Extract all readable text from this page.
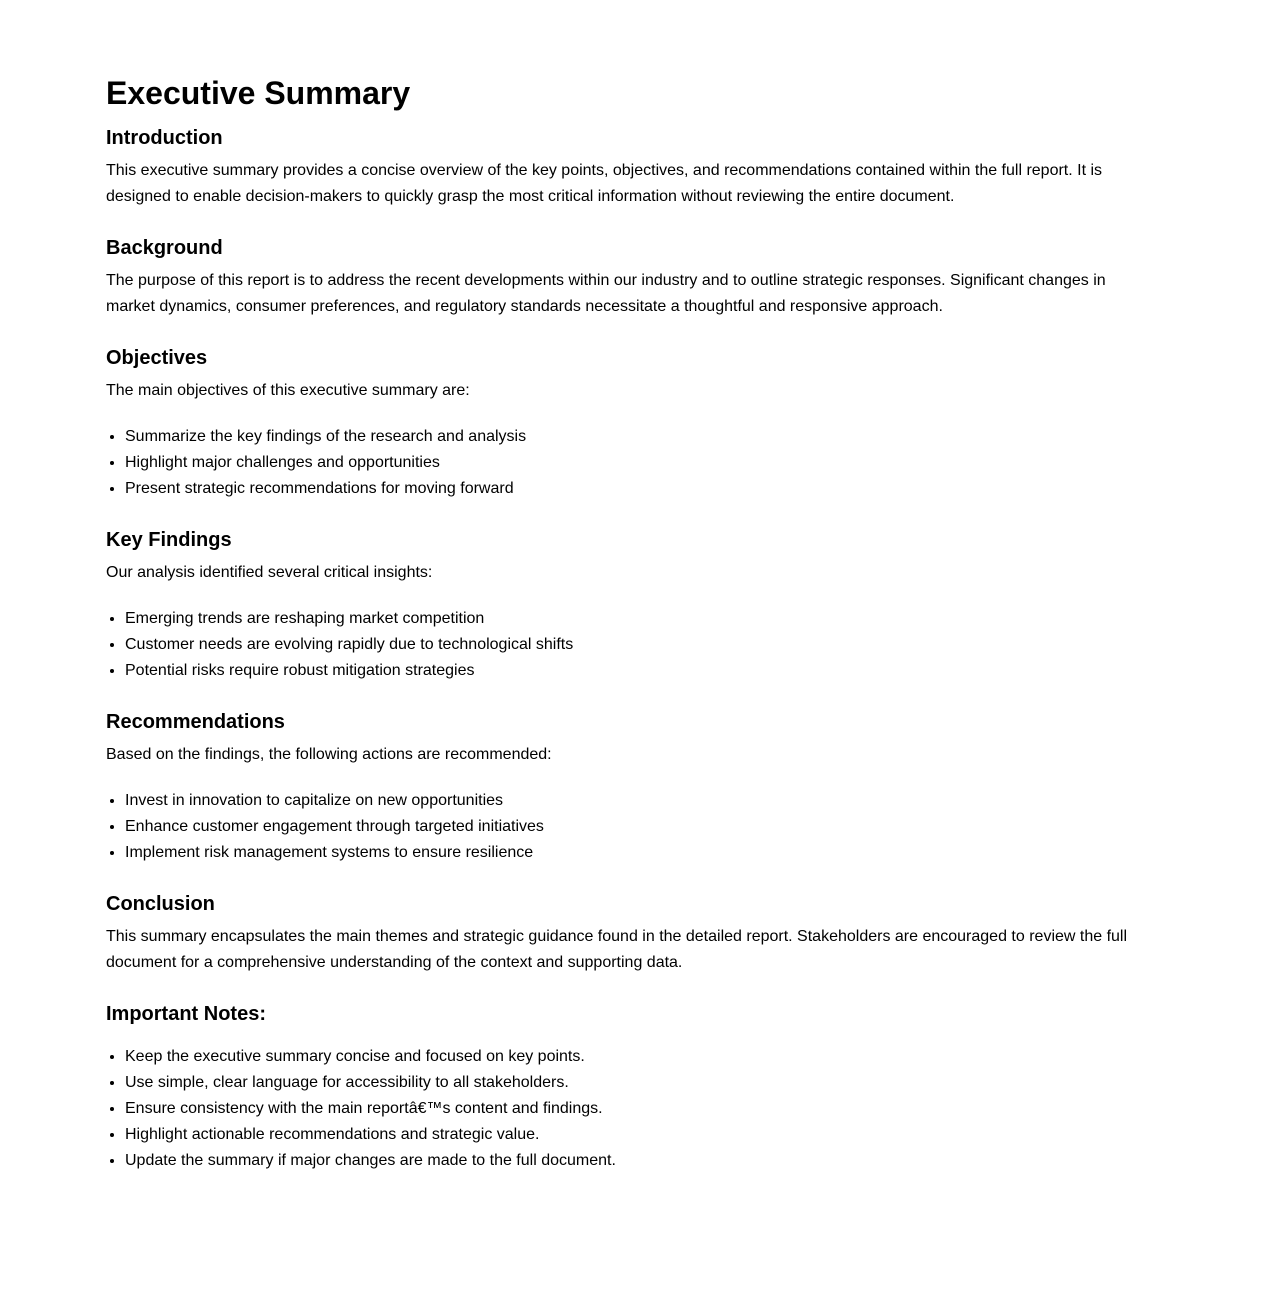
Executive Summary
Introduction

This executive summary provides a concise overview of the key points, objectives, and recommendations contained within the full report. It is designed to enable decision-makers to quickly grasp the most critical information without reviewing the entire document.

Background

The purpose of this report is to address the recent developments within our industry and to outline strategic responses. Significant changes in market dynamics, consumer preferences, and regulatory standards necessitate a thoughtful and responsive approach.

Objectives

The main objectives of this executive summary are:

• Summarize the key findings of the research and analysis
• Highlight major challenges and opportunities
• Present strategic recommendations for moving forward
Key Findings

Our analysis identified several critical insights:

• Emerging trends are reshaping market competition
• Customer needs are evolving rapidly due to technological shifts
• Potential risks require robust mitigation strategies
Recommendations

Based on the findings, the following actions are recommended:

• Invest in innovation to capitalize on new opportunities
• Enhance customer engagement through targeted initiatives
• Implement risk management systems to ensure resilience
Conclusion

This summary encapsulates the main themes and strategic guidance found in the detailed report. Stakeholders are encouraged to review the full document for a comprehensive understanding of the context and supporting data.

Important Notes:
• Keep the executive summary concise and focused on key points.
• Use simple, clear language for accessibility to all stakeholders.
• Ensure consistency with the main reportâ€™s content and findings.
• Highlight actionable recommendations and strategic value.
• Update the summary if major changes are made to the full document.
